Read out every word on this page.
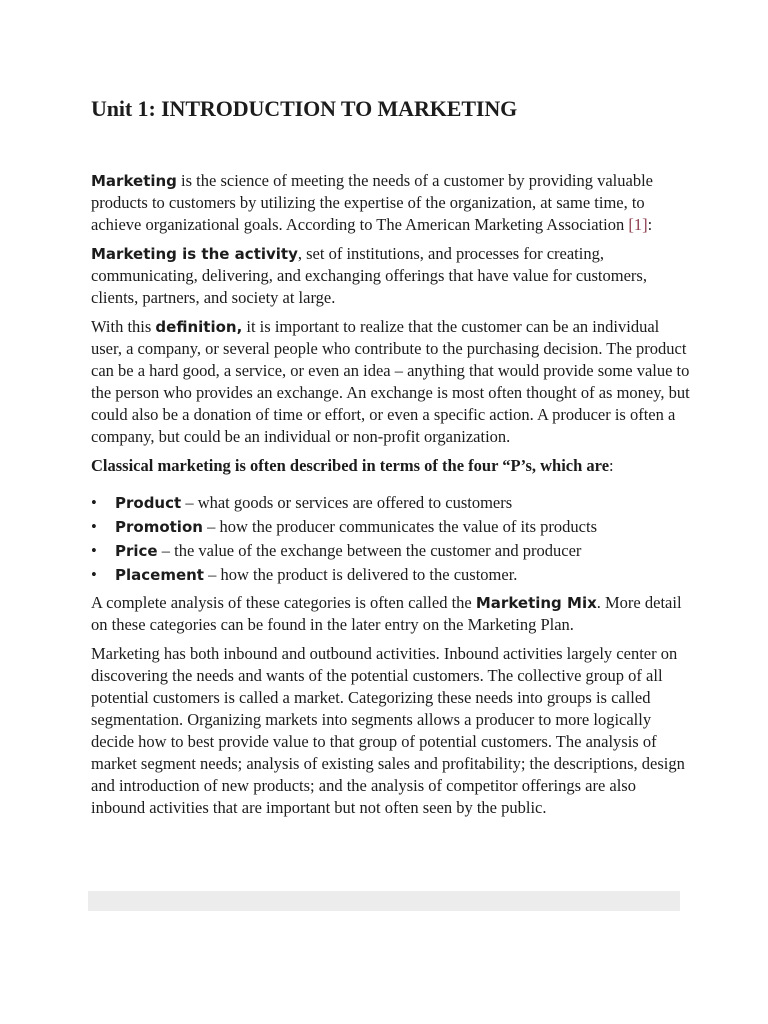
Unit 1: INTRODUCTION TO MARKETING

Marketing is the science of meeting the needs of a customer by providing valuable products to customers by utilizing the expertise of the organization, at same time, to achieve organizational goals. According to The American Marketing Association [1]:

Marketing is the activity, set of institutions, and processes for creating, communicating, delivering, and exchanging offerings that have value for customers, clients, partners, and society at large.

With this definition, it is important to realize that the customer can be an individual user, a company, or several people who contribute to the purchasing decision. The product can be a hard good, a service, or even an idea – anything that would provide some value to the person who provides an exchange. An exchange is most often thought of as money, but could also be a donation of time or effort, or even a specific action. A producer is often a company, but could be an individual or non-profit organization.

Classical marketing is often described in terms of the four “P’s, which are:

• Product – what goods or services are offered to customers
• Promotion – how the producer communicates the value of its products
• Price – the value of the exchange between the customer and producer
• Placement – how the product is delivered to the customer.

A complete analysis of these categories is often called the Marketing Mix. More detail on these categories can be found in the later entry on the Marketing Plan.

Marketing has both inbound and outbound activities. Inbound activities largely center on discovering the needs and wants of the potential customers. The collective group of all potential customers is called a market. Categorizing these needs into groups is called segmentation. Organizing markets into segments allows a producer to more logically decide how to best provide value to that group of potential customers. The analysis of market segment needs; analysis of existing sales and profitability; the descriptions, design and introduction of new products; and the analysis of competitor offerings are also inbound activities that are important but not often seen by the public.
